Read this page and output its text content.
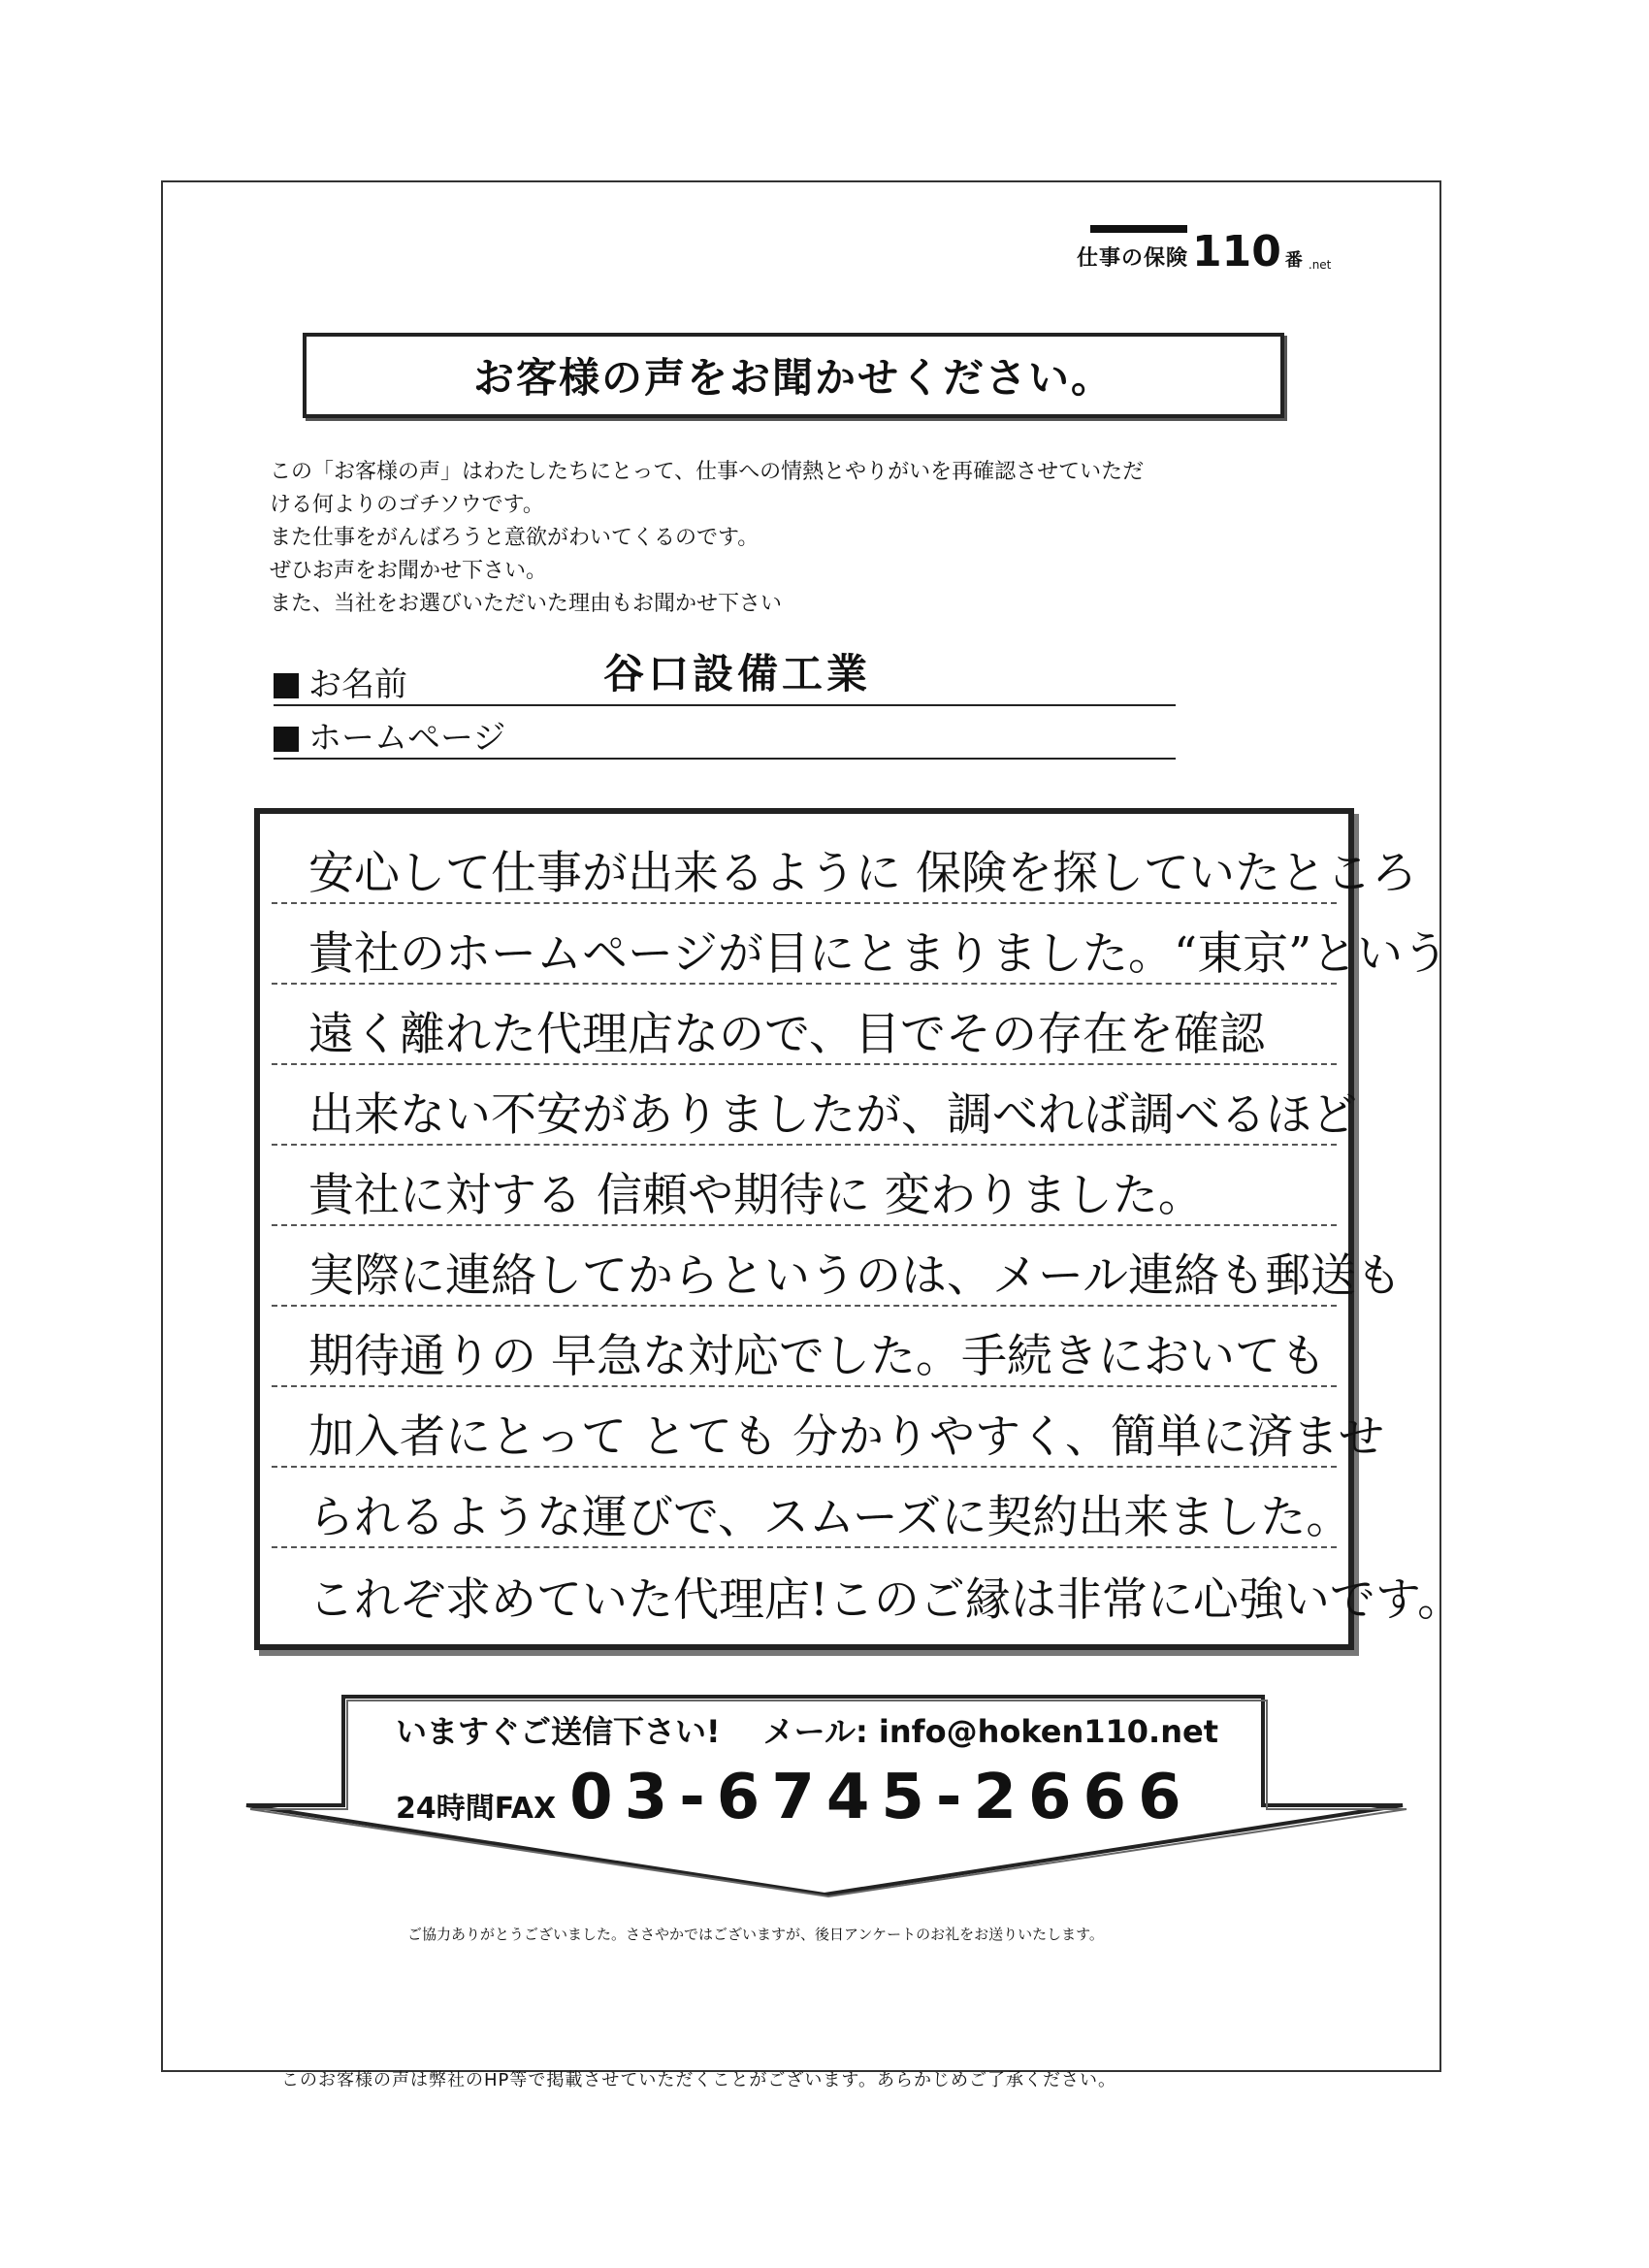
仕事の保険 110 番 .net
お客様の声をお聞かせください。
この「お客様の声」はわたしたちにとって、仕事への情熱とやりがいを再確認させていただ
ける何よりのゴチソウです。
また仕事をがんばろうと意欲がわいてくるのです。
ぜひお声をお聞かせ下さい。
また、当社をお選びいただいた理由もお聞かせ下さい
お名前	谷口設備工業
ホームページ
安心して仕事が出来るように 保険を探していたところ
貴社のホームページが目にとまりました。“東京”という
遠く離れた代理店なので、目でその存在を確認
出来ない不安がありましたが、調べれば調べるほど
貴社に対する 信頼や期待に 変わりました。
実際に連絡してからというのは、メール連絡も郵送も
期待通りの 早急な対応でした。手続きにおいても
加入者にとって とても 分かりやすく、簡単に済ませ
られるような運びで、スムーズに契約出来ました。
これぞ求めていた代理店!このご縁は非常に心強いです。
いますぐご送信下さい! メール: info@hoken110.net
24時間FAX 03-6745-2666
ご協力ありがとうございました。ささやかではございますが、後日アンケートのお礼をお送りいたします。
このお客様の声は弊社のHP等で掲載させていただくことがございます。あらかじめご了承ください。
